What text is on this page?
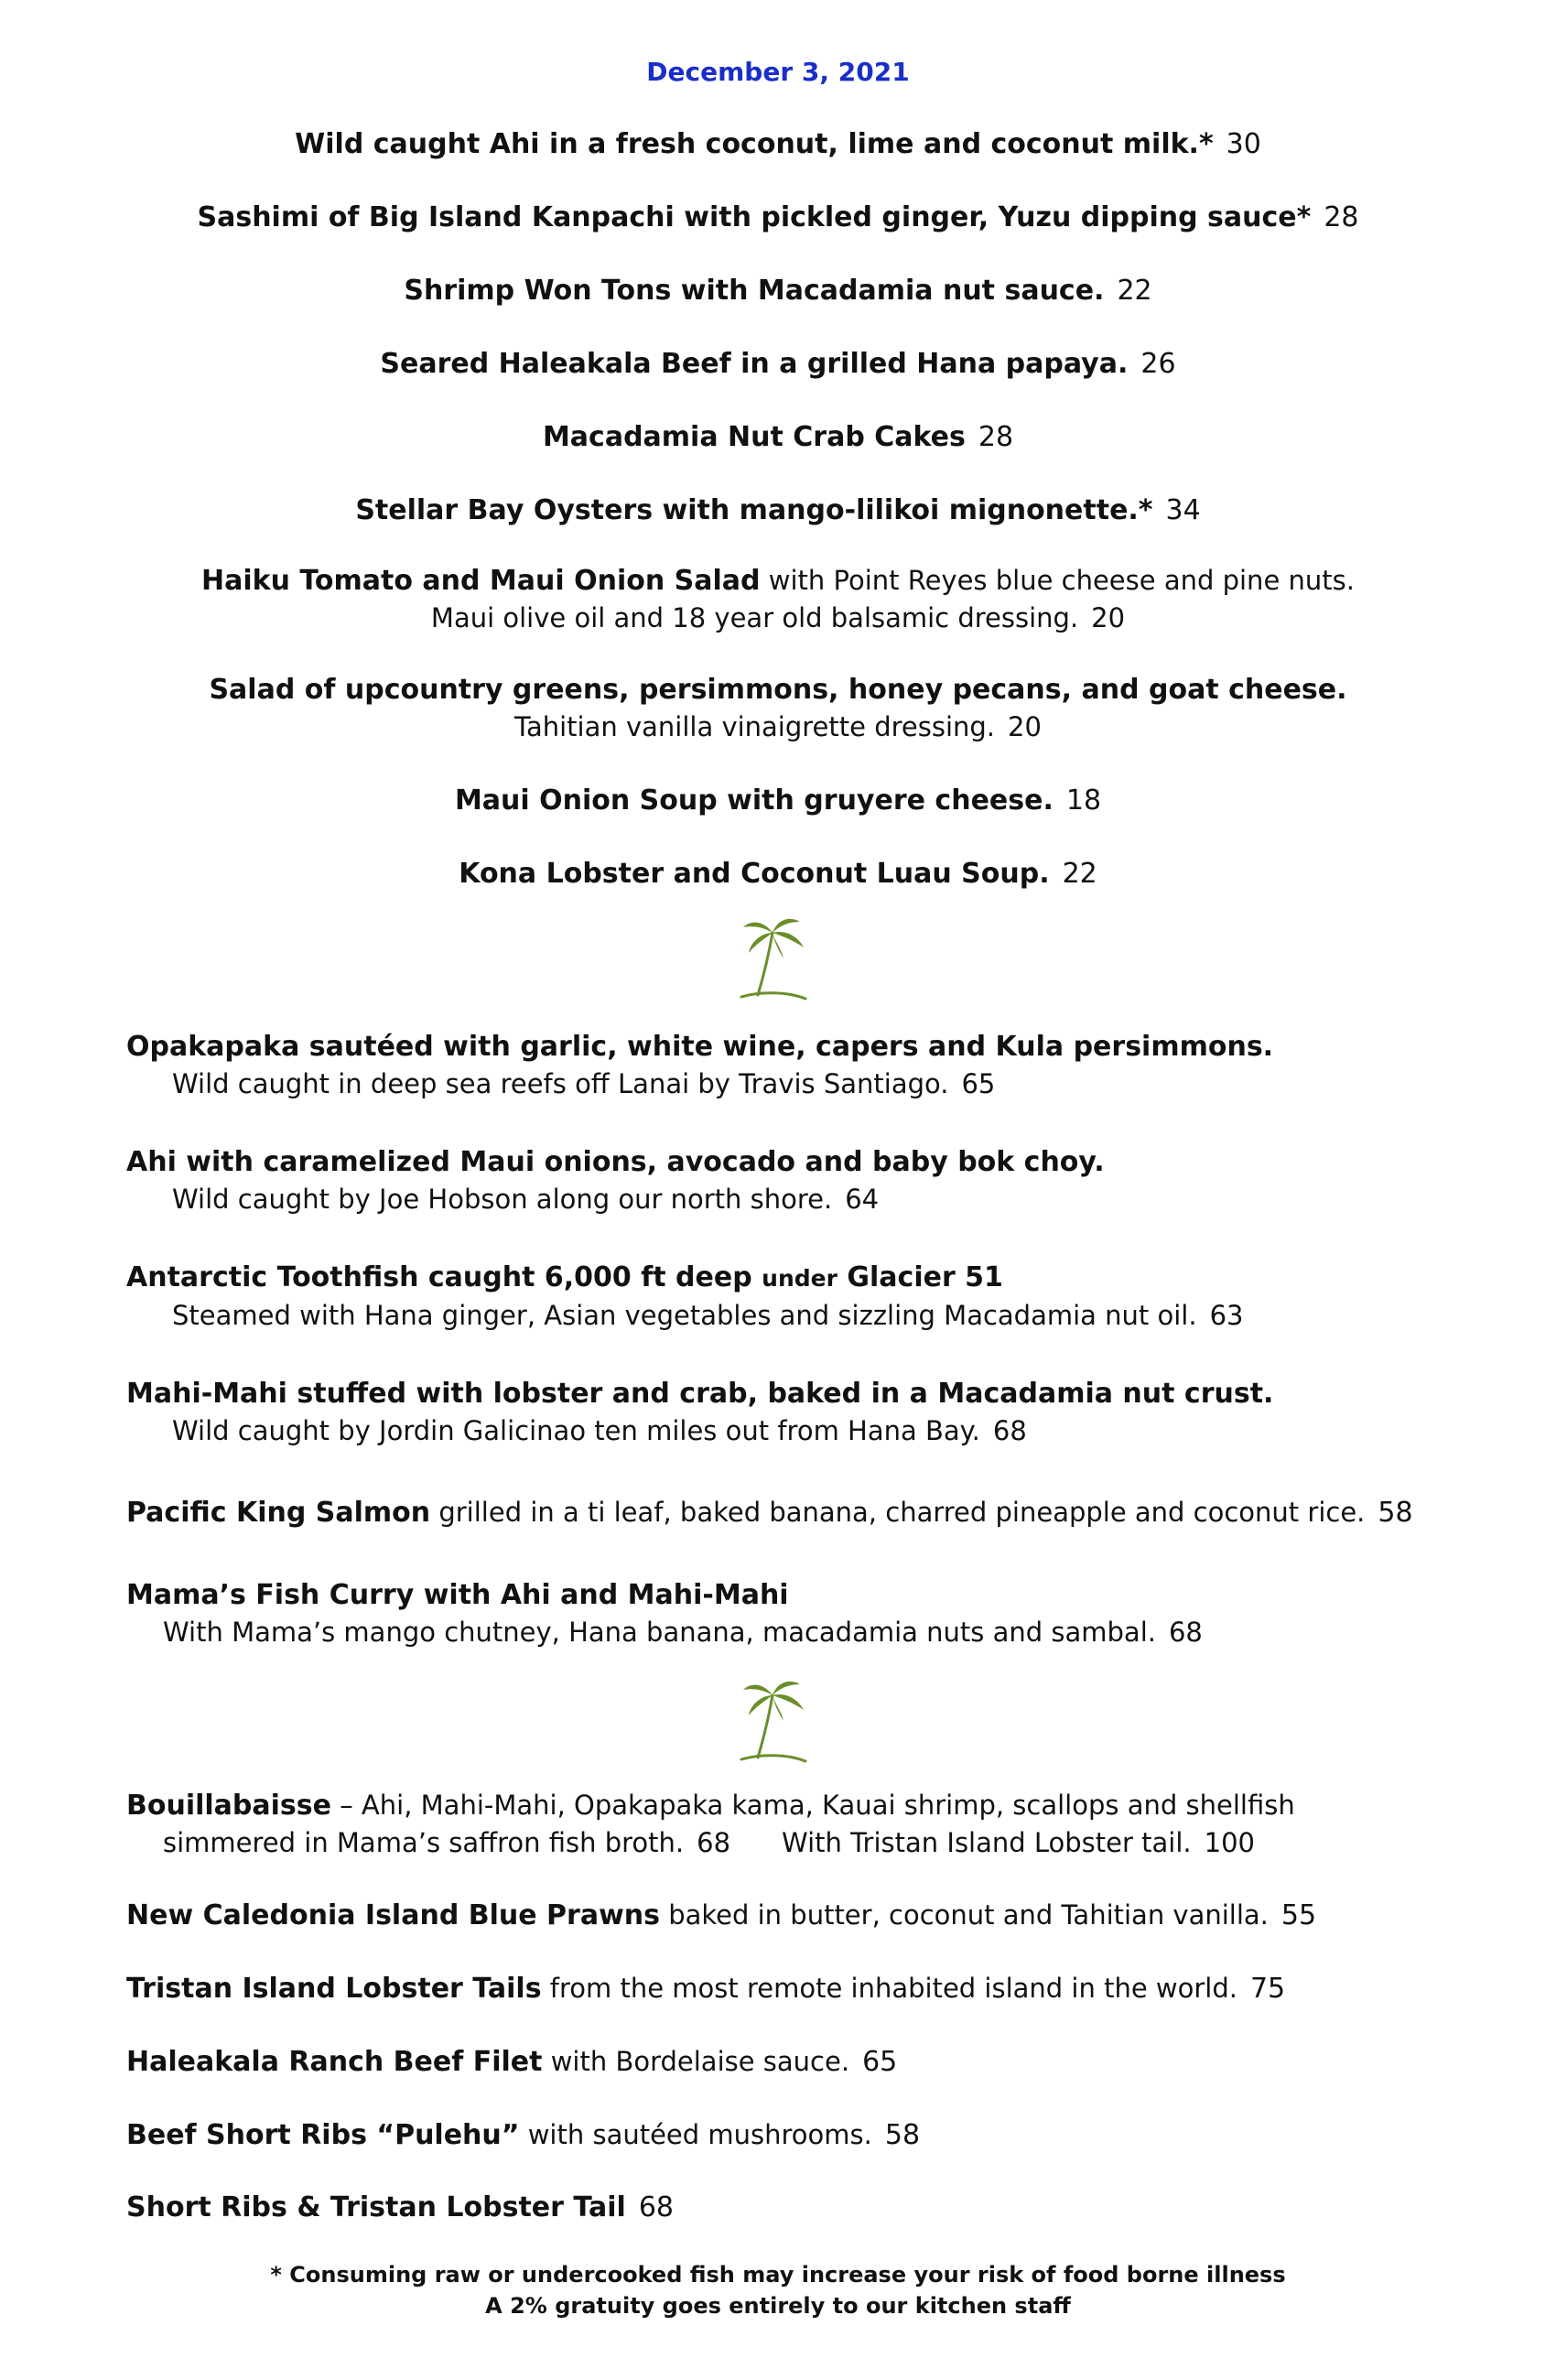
December 3, 2021
Wild caught Ahi in a fresh coconut, lime and coconut milk.* 30
Sashimi of Big Island Kanpachi with pickled ginger, Yuzu dipping sauce* 28
Shrimp Won Tons with Macadamia nut sauce. 22
Seared Haleakala Beef in a grilled Hana papaya. 26
Macadamia Nut Crab Cakes 28
Stellar Bay Oysters with mango-lilikoi mignonette.* 34
Haiku Tomato and Maui Onion Salad with Point Reyes blue cheese and pine nuts.
Maui olive oil and 18 year old balsamic dressing. 20
Salad of upcountry greens, persimmons, honey pecans, and goat cheese.
Tahitian vanilla vinaigrette dressing. 20
Maui Onion Soup with gruyere cheese. 18
Kona Lobster and Coconut Luau Soup. 22
Opakapaka sautéed with garlic, white wine, capers and Kula persimmons.
Wild caught in deep sea reefs off Lanai by Travis Santiago. 65
Ahi with caramelized Maui onions, avocado and baby bok choy.
Wild caught by Joe Hobson along our north shore. 64
Antarctic Toothfish caught 6,000 ft deep under Glacier 51
Steamed with Hana ginger, Asian vegetables and sizzling Macadamia nut oil. 63
Mahi-Mahi stuffed with lobster and crab, baked in a Macadamia nut crust.
Wild caught by Jordin Galicinao ten miles out from Hana Bay. 68
Pacific King Salmon grilled in a ti leaf, baked banana, charred pineapple and coconut rice. 58
Mama’s Fish Curry with Ahi and Mahi-Mahi
With Mama’s mango chutney, Hana banana, macadamia nuts and sambal. 68
Bouillabaisse – Ahi, Mahi-Mahi, Opakapaka kama, Kauai shrimp, scallops and shellfish
simmered in Mama’s saffron fish broth. 68 With Tristan Island Lobster tail. 100
New Caledonia Island Blue Prawns baked in butter, coconut and Tahitian vanilla. 55
Tristan Island Lobster Tails from the most remote inhabited island in the world. 75
Haleakala Ranch Beef Filet with Bordelaise sauce. 65
Beef Short Ribs “Pulehu” with sautéed mushrooms. 58
Short Ribs & Tristan Lobster Tail 68
* Consuming raw or undercooked fish may increase your risk of food borne illness
A 2% gratuity goes entirely to our kitchen staff
